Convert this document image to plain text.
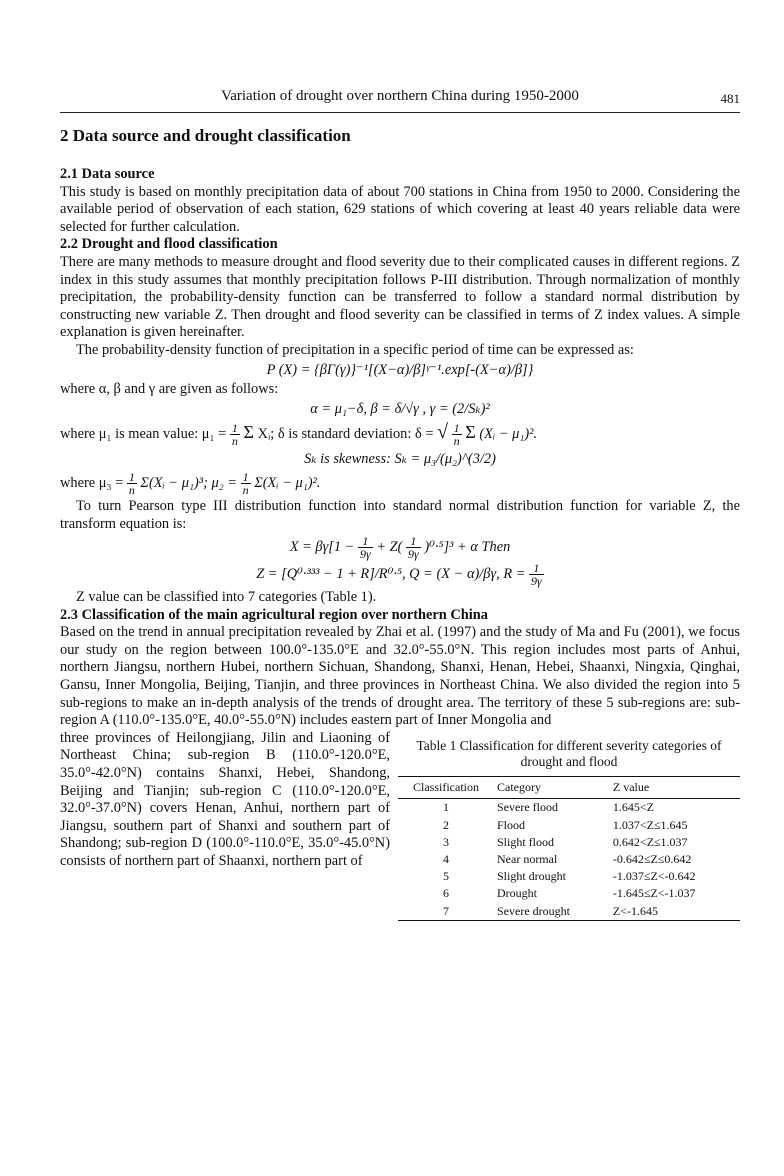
Variation of drought over northern China during 1950-2000	481
2 Data source and drought classification
2.1 Data source

This study is based on monthly precipitation data of about 700 stations in China from 1950 to 2000. Considering the available period of observation of each station, 629 stations of which covering at least 40 years reliable data were selected for further calculation.

2.2 Drought and flood classification

There are many methods to measure drought and flood severity due to their complicated causes in different regions. Z index in this study assumes that monthly precipitation follows P-III distribution. Through normalization of monthly precipitation, the probability-density function can be transferred to follow a standard normal distribution by constructing new variable Z. Then drought and flood severity can be classified in terms of Z index values. A simple explanation is given hereinafter.

The probability-density function of precipitation in a specific period of time can be expressed as:

P (X) = {βΓ(γ)}⁻¹[(X−α)/β]ᵞ⁻¹.exp[-(X−α)/β]}

where α, β and γ are given as follows:

α = μ₁−δ, β = δ/√γ , γ = (2/Sₖ)²
where μ₁ is mean value: $\mu_1 = \frac{1}{n}$ Σ Xᵢ; δ is standard deviation: δ = √ $\frac{1}{n}$ Σ (Xᵢ − μ₁)².
Sₖ is skewness: Sₖ = μ₃/(μ₂)^(3/2)
where $\mu_3 = \frac{1}{n}$ Σ(Xᵢ − μ₁)³; $\mu_2 = \frac{1}{n}$ Σ(Xᵢ − μ₁)².

To turn Pearson type III distribution function into standard normal distribution function for variable Z, the transform equation is:

$X = \beta\gamma[1 - \frac{1}{9\gamma} + Z( \frac{1}{9\gamma} )^0\cdot^5]^3 + \alpha$ Then
Z = [Q⁰·³³³ − 1 + R]/R⁰·⁵, Q = (X − α)/βγ, $R = \frac{1}{9\gamma}$

Z value can be classified into 7 categories (Table 1).

2.3 Classification of the main agricultural region over northern China

Based on the trend in annual precipitation revealed by Zhai et al. (1997) and the study of Ma and Fu (2001), we focus our study on the region between 100.0°-135.0°E and 32.0°-55.0°N. This region includes most parts of Anhui, northern Jiangsu, northern Hubei, northern Sichuan, Shandong, Shanxi, Henan, Hebei, Shaanxi, Ningxia, Qinghai, Gansu, Inner Mongolia, Beijing, Tianjin, and three provinces in Northeast China. We also divided the region into 5 sub-regions to make an in-depth analysis of the trends of drought area. The territory of these 5 sub-regions are: sub-region A (110.0°-135.0°E, 40.0°-55.0°N) includes eastern part of Inner Mongolia and

three provinces of Heilongjiang, Jilin and Liaoning of Northeast China; sub-region B (110.0°-120.0°E, 35.0°-42.0°N) contains Shanxi, Hebei, Shandong, Beijing and Tianjin; sub-region C (110.0°-120.0°E, 32.0°-37.0°N) covers Henan, Anhui, northern part of Jiangsu, southern part of Shanxi and southern part of Shandong; sub-region D (100.0°-110.0°E, 35.0°-45.0°N) consists of northern part of Shaanxi, northern part of
Table 1 Classification for different severity categories of drought and flood
Classification	Category	Z value
1	Severe flood	1.645<Z
2	Flood	1.037<Z≤1.645
3	Slight flood	0.642<Z≤1.037
4	Near normal	-0.642≤Z≤0.642
5	Slight drought	-1.037≤Z<-0.642
6	Drought	-1.645≤Z<-1.037
7	Severe drought	Z<-1.645
